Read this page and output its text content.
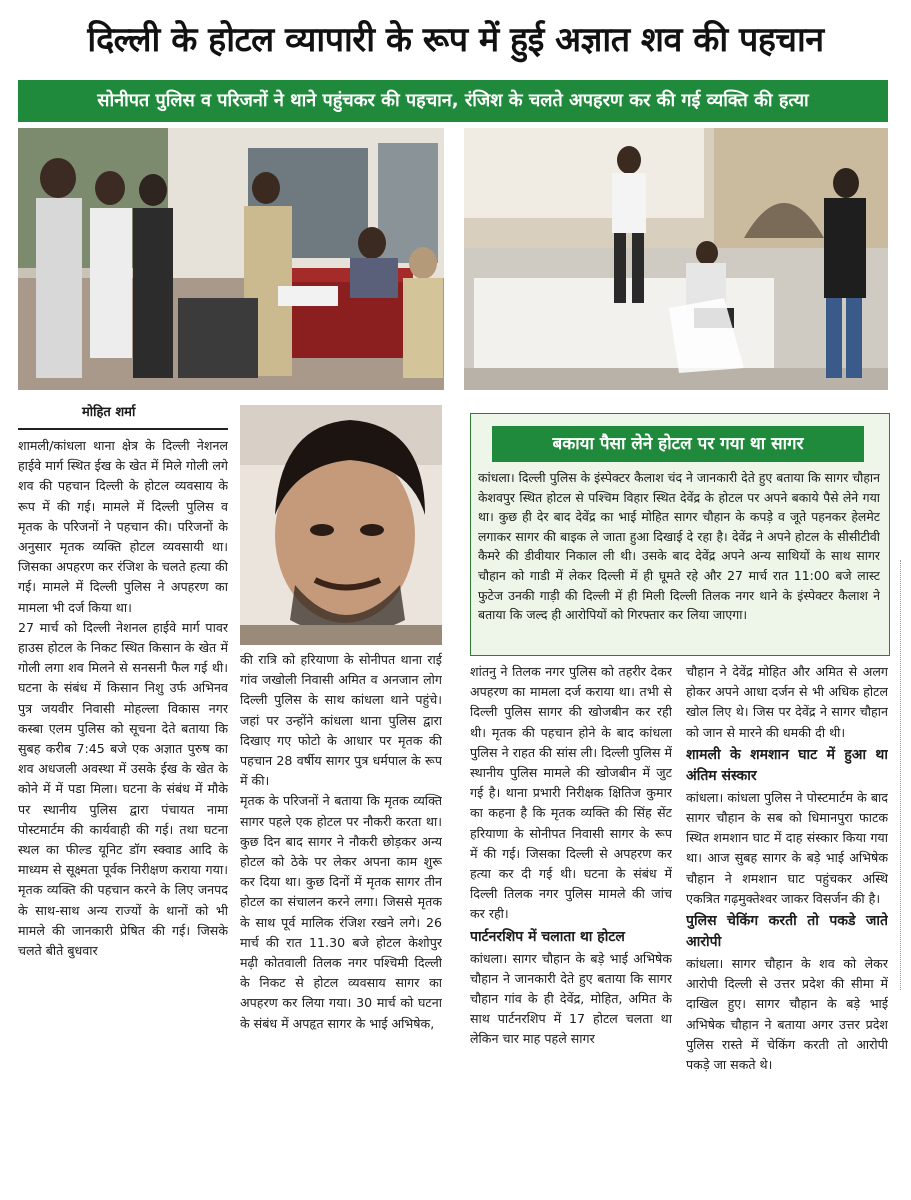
दिल्ली के होटल व्यापारी के रूप में हुई अज्ञात शव की पहचान
सोनीपत पुलिस व परिजनों ने थाने पहुंचकर की पहचान, रंजिश के चलते अपहरण कर की गई व्यक्ति की हत्या
मोहित शर्मा

शामली/कांधला थाना क्षेत्र के दिल्ली नेशनल हाईवे मार्ग स्थित ईख के खेत में मिले गोली लगे शव की पहचान दिल्ली के होटल व्यवसाय के रूप में की गई। मामले में दिल्ली पुलिस व मृतक के परिजनों ने पहचान की। परिजनों के अनुसार मृतक व्यक्ति होटल व्यवसायी था। जिसका अपहरण कर रंजिश के चलते हत्या की गई। मामले में दिल्ली पुलिस ने अपहरण का मामला भी दर्ज किया था।

27 मार्च को दिल्ली नेशनल हाईवे मार्ग पावर हाउस होटल के निकट स्थित किसान के खेत में गोली लगा शव मिलने से सनसनी फैल गई थी। घटना के संबंध में किसान निशु उर्फ अभिनव पुत्र जयवीर निवासी मोहल्ला विकास नगर कस्बा एलम पुलिस को सूचना देते बताया कि सुबह करीब 7:45 बजे एक अज्ञात पुरुष का शव अधजली अवस्था में उसके ईख के खेत के कोने में में पडा मिला। घटना के संबंध में मौके पर स्थानीय पुलिस द्वारा पंचायत नामा पोस्टमार्टम की कार्यवाही की गई। तथा घटना स्थल का फील्ड यूनिट डॉग स्क्वाड आदि के माध्यम से सूक्ष्मता पूर्वक निरीक्षण कराया गया। मृतक व्यक्ति की पहचान करने के लिए जनपद के साथ-साथ अन्य राज्यों के थानों को भी मामले की जानकारी प्रेषित की गई। जिसके चलते बीते बुधवार

की रात्रि को हरियाणा के सोनीपत थाना राई गांव जखोली निवासी अमित व अनजान लोग दिल्ली पुलिस के साथ कांधला थाने पहुंचे। जहां पर उन्होंने कांधला थाना पुलिस द्वारा दिखाए गए फोटो के आधार पर मृतक की पहचान 28 वर्षीय सागर पुत्र धर्मपाल के रूप में की।

मृतक के परिजनों ने बताया कि मृतक व्यक्ति सागर पहले एक होटल पर नौकरी करता था। कुछ दिन बाद सागर ने नौकरी छोड़कर अन्य होटल को ठेके पर लेकर अपना काम शुरू कर दिया था। कुछ दिनों में मृतक सागर तीन होटल का संचालन करने लगा। जिससे मृतक के साथ पूर्व मालिक रंजिश रखने लगे। 26 मार्च की रात 11.30 बजे होटल केशोपुर मढ़ी कोतवाली तिलक नगर पश्चिमी दिल्ली के निकट से होटल व्यवसाय सागर का अपहरण कर लिया गया। 30 मार्च को घटना के संबंध में अपहृत सागर के भाई अभिषेक,

बकाया पैसा लेने होटल पर गया था सागर
कांधला। दिल्ली पुलिस के इंस्पेक्टर कैलाश चंद ने जानकारी देते हुए बताया कि सागर चौहान केशवपुर स्थित होटल से पश्चिम विहार स्थित देवेंद्र के होटल पर अपने बकाये पैसे लेने गया था। कुछ ही देर बाद देवेंद्र का भाई मोहित सागर चौहान के कपड़े व जूते पहनकर हेलमेट लगाकर सागर की बाइक ले जाता हुआ दिखाई दे रहा है। देवेंद्र ने अपने होटल के सीसीटीवी कैमरे की डीवीयार निकाल ली थी। उसके बाद देवेंद्र अपने अन्य साथियों के साथ सागर चौहान को गाडी में लेकर दिल्ली में ही घूमते रहे और 27 मार्च रात 11:00 बजे लास्ट फुटेज उनकी गाड़ी की दिल्ली में ही मिली दिल्ली तिलक नगर थाने के इंस्पेक्टर कैलाश ने बताया कि जल्द ही आरोपियों को गिरफ्तार कर लिया जाएगा।

शांतनु ने तिलक नगर पुलिस को तहरीर देकर अपहरण का मामला दर्ज कराया था। तभी से दिल्ली पुलिस सागर की खोजबीन कर रही थी। मृतक की पहचान होने के बाद कांधला पुलिस ने राहत की सांस ली। दिल्ली पुलिस में स्थानीय पुलिस मामले की खोजबीन में जुट गई है। थाना प्रभारी निरीक्षक क्षितिज कुमार का कहना है कि मृतक व्यक्ति की सिंह सेंट हरियाणा के सोनीपत निवासी सागर के रूप में की गई। जिसका दिल्ली से अपहरण कर हत्या कर दी गई थी। घटना के संबंध में दिल्ली तिलक नगर पुलिस मामले की जांच कर रही।

पार्टनरशिप में चलाता था होटल

कांधला। सागर चौहान के बड़े भाई अभिषेक चौहान ने जानकारी देते हुए बताया कि सागर चौहान गांव के ही देवेंद्र, मोहित, अमित के साथ पार्टनरशिप में 17 होटल चलता था लेकिन चार माह पहले सागर

चौहान ने देवेंद्र मोहित और अमित से अलग होकर अपने आधा दर्जन से भी अधिक होटल खोल लिए थे। जिस पर देवेंद्र ने सागर चौहान को जान से मारने की धमकी दी थी।

शामली के शमशान घाट में हुआ था अंतिम संस्कार

कांधला। कांधला पुलिस ने पोस्टमार्टम के बाद सागर चौहान के सब को धिमानपुरा फाटक स्थित शमशान घाट में दाह संस्कार किया गया था। आज सुबह सागर के बड़े भाई अभिषेक चौहान ने शमशान घाट पहुंचकर अस्थि एकत्रित गढ़मुक्तेश्वर जाकर विसर्जन की है।

पुलिस चेकिंग करती तो पकडे जाते आरोपी

कांधला। सागर चौहान के शव को लेकर आरोपी दिल्ली से उत्तर प्रदेश की सीमा में दाखिल हुए। सागर चौहान के बड़े भाई अभिषेक चौहान ने बताया अगर उत्तर प्रदेश पुलिस रास्ते में चेकिंग करती तो आरोपी पकड़े जा सकते थे।
